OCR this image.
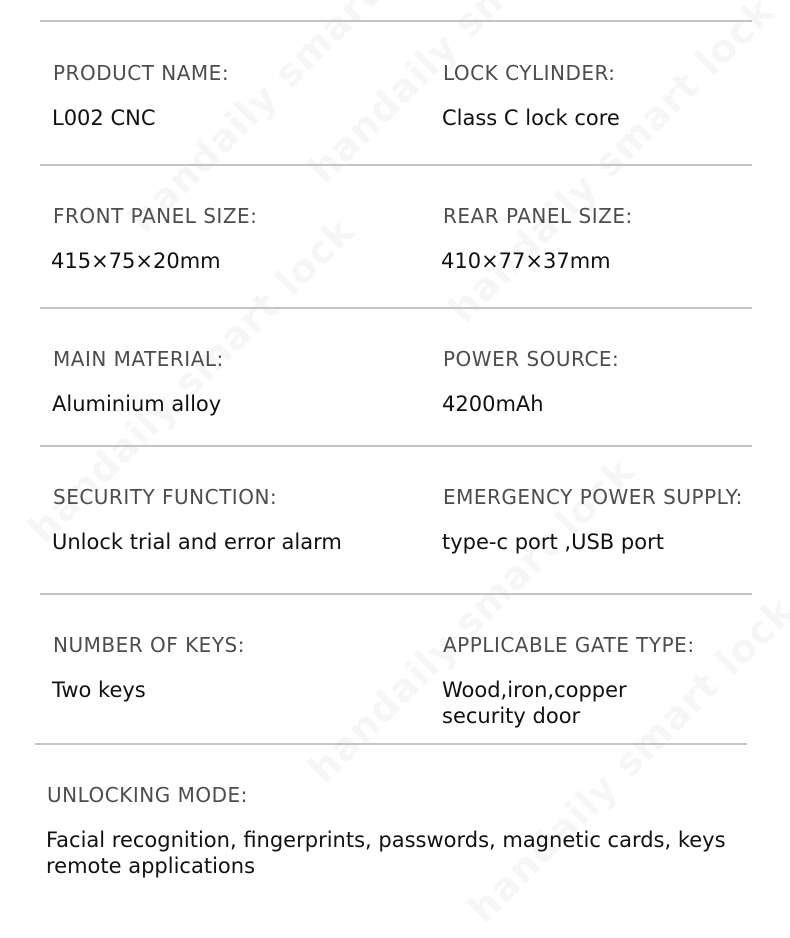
PRODUCT NAME:
L002 CNC
LOCK CYLINDER:
Class C lock core
FRONT PANEL SIZE:
415×75×20mm
REAR PANEL SIZE:
410×77×37mm
MAIN MATERIAL:
Aluminium alloy
POWER SOURCE:
4200mAh
SECURITY FUNCTION:
Unlock trial and error alarm
EMERGENCY POWER SUPPLY:
type-c port ,USB port
NUMBER OF KEYS:
Two keys
APPLICABLE GATE TYPE:
Wood,iron,copper
security door
UNLOCKING MODE:
Facial recognition, fingerprints, passwords, magnetic cards, keys
remote applications
